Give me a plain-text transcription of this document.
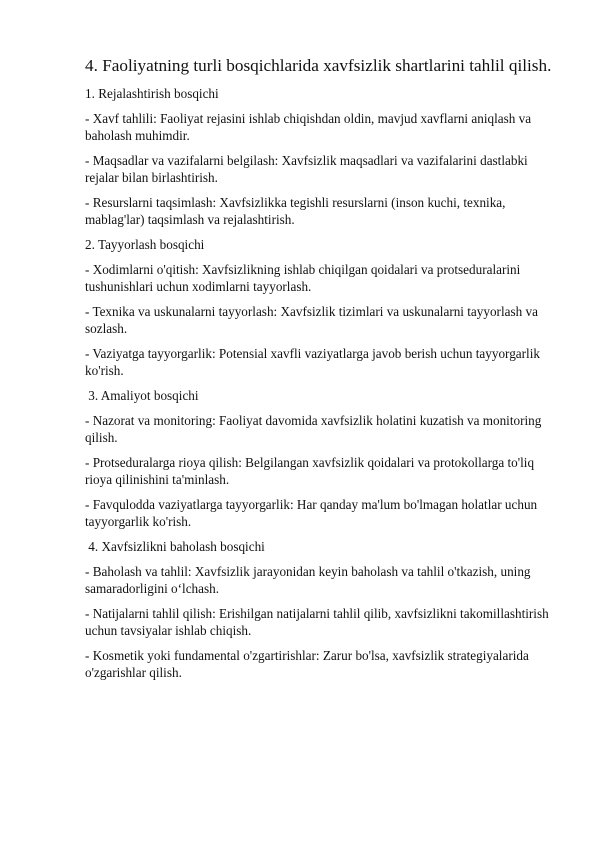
4. Faoliyatning turli bosqichlarida xavfsizlik shartlarini tahlil qilish.

1. Rejalashtirish bosqichi

- Xavf tahlili: Faoliyat rejasini ishlab chiqishdan oldin, mavjud xavflarni aniqlash va baholash muhimdir.

- Maqsadlar va vazifalarni belgilash: Xavfsizlik maqsadlari va vazifalarini dastlabki rejalar bilan birlashtirish.

- Resurslarni taqsimlash: Xavfsizlikka tegishli resurslarni (inson kuchi, texnika, mablag'lar) taqsimlash va rejalashtirish.

2. Tayyorlash bosqichi

- Xodimlarni o'qitish: Xavfsizlikning ishlab chiqilgan qoidalari va protseduralarini tushunishlari uchun xodimlarni tayyorlash.

- Texnika va uskunalarni tayyorlash: Xavfsizlik tizimlari va uskunalarni tayyorlash va sozlash.

- Vaziyatga tayyorgarlik: Potensial xavfli vaziyatlarga javob berish uchun tayyorgarlik ko'rish.

3. Amaliyot bosqichi

- Nazorat va monitoring: Faoliyat davomida xavfsizlik holatini kuzatish va monitoring qilish.

- Protseduralarga rioya qilish: Belgilangan xavfsizlik qoidalari va protokollarga to'liq rioya qilinishini ta'minlash.

- Favqulodda vaziyatlarga tayyorgarlik: Har qanday ma'lum bo'lmagan holatlar uchun tayyorgarlik ko'rish.

4. Xavfsizlikni baholash bosqichi

- Baholash va tahlil: Xavfsizlik jarayonidan keyin baholash va tahlil o'tkazish, uning samaradorligini o‘lchash.

- Natijalarni tahlil qilish: Erishilgan natijalarni tahlil qilib, xavfsizlikni takomillashtirish uchun tavsiyalar ishlab chiqish.

- Kosmetik yoki fundamental o'zgartirishlar: Zarur bo'lsa, xavfsizlik strategiyalarida o'zgarishlar qilish.
